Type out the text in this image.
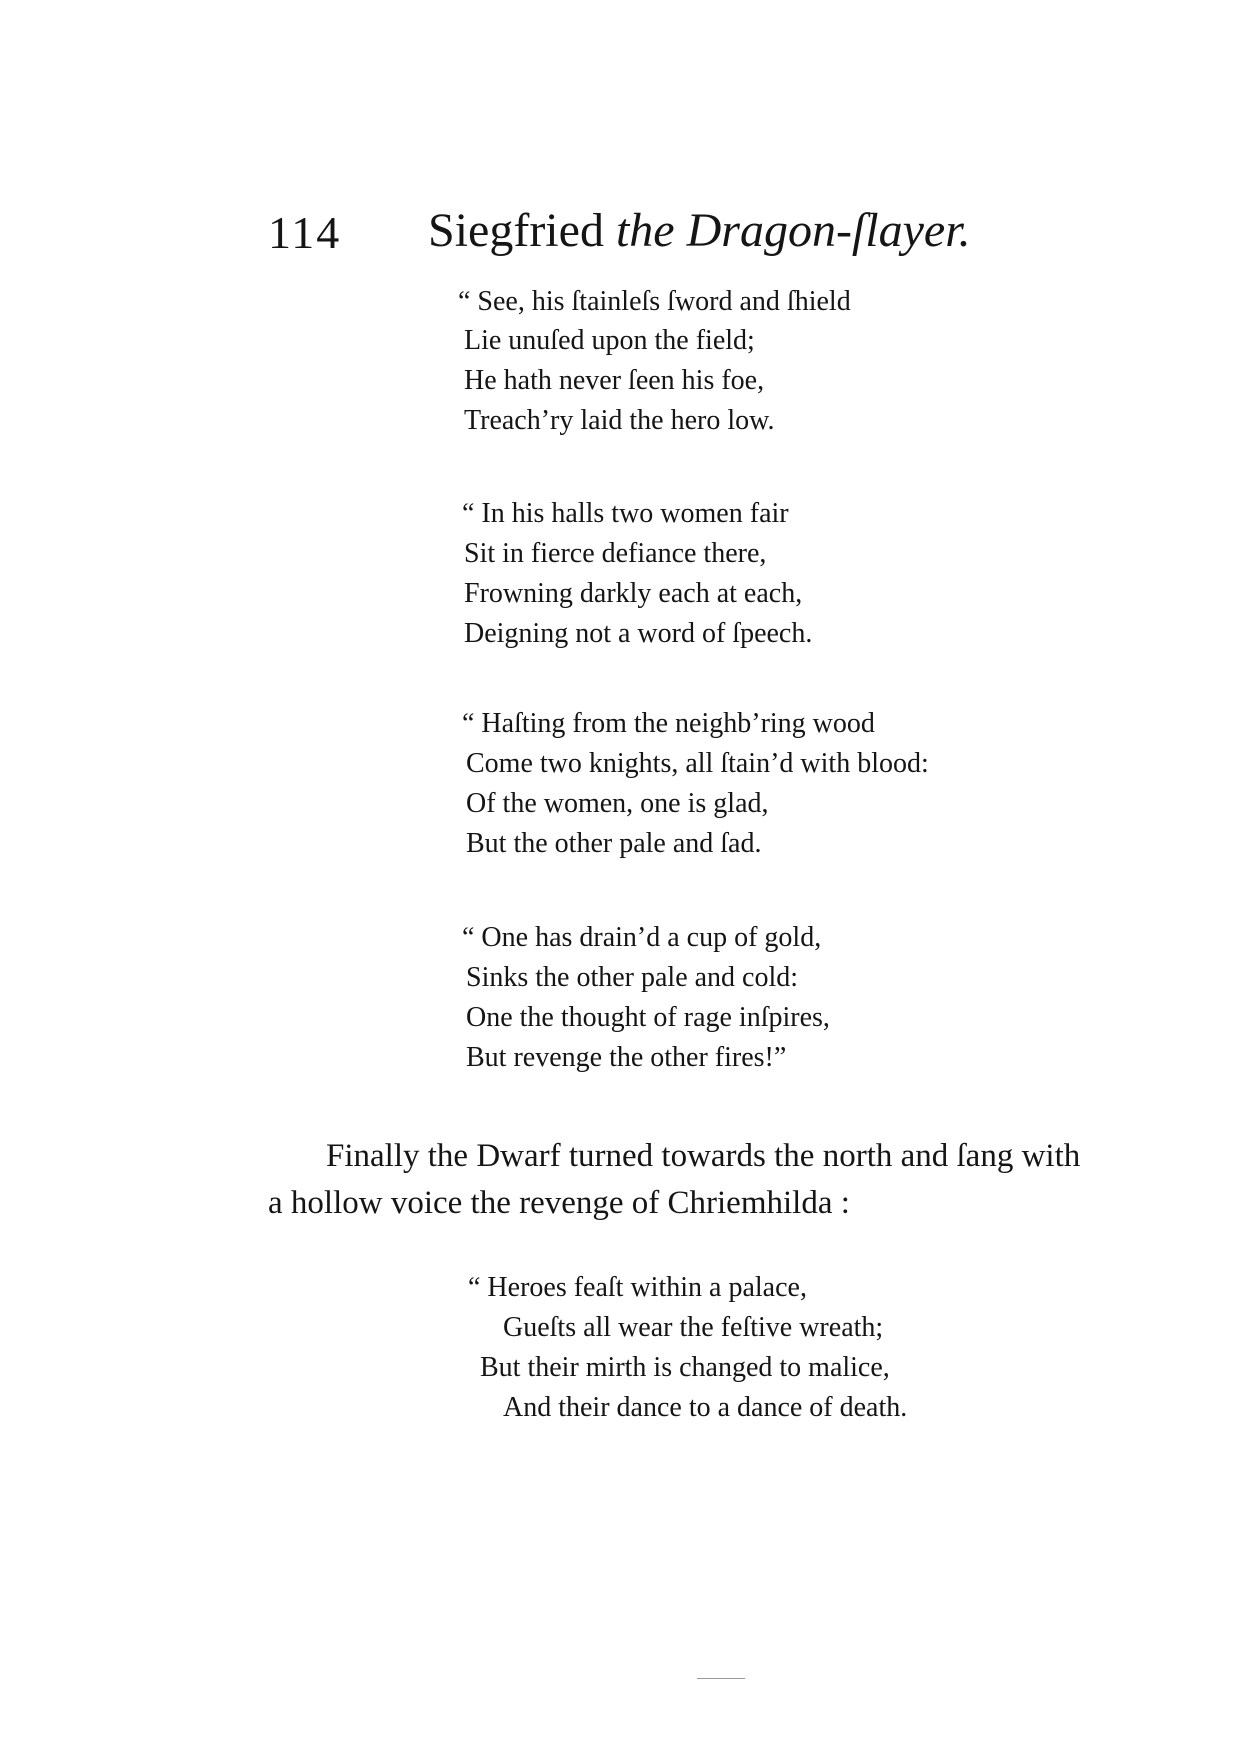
114 Siegfried the Dragon-ſlayer.
“ See, his ſtainleſs ſword and ſhield
Lie unuſed upon the field;
He hath never ſeen his foe,
Treach’ry laid the hero low.
“ In his halls two women fair
Sit in fierce defiance there,
Frowning darkly each at each,
Deigning not a word of ſpeech.
“ Haſting from the neighb’ring wood
Come two knights, all ſtain’d with blood:
Of the women, one is glad,
But the other pale and ſad.
“ One has drain’d a cup of gold,
Sinks the other pale and cold:
One the thought of rage inſpires,
But revenge the other fires!”
Finally the Dwarf turned towards the north and ſang with
a hollow voice the revenge of Chriemhilda :
“ Heroes feaſt within a palace,
Gueſts all wear the feſtive wreath;
But their mirth is changed to malice,
And their dance to a dance of death.
